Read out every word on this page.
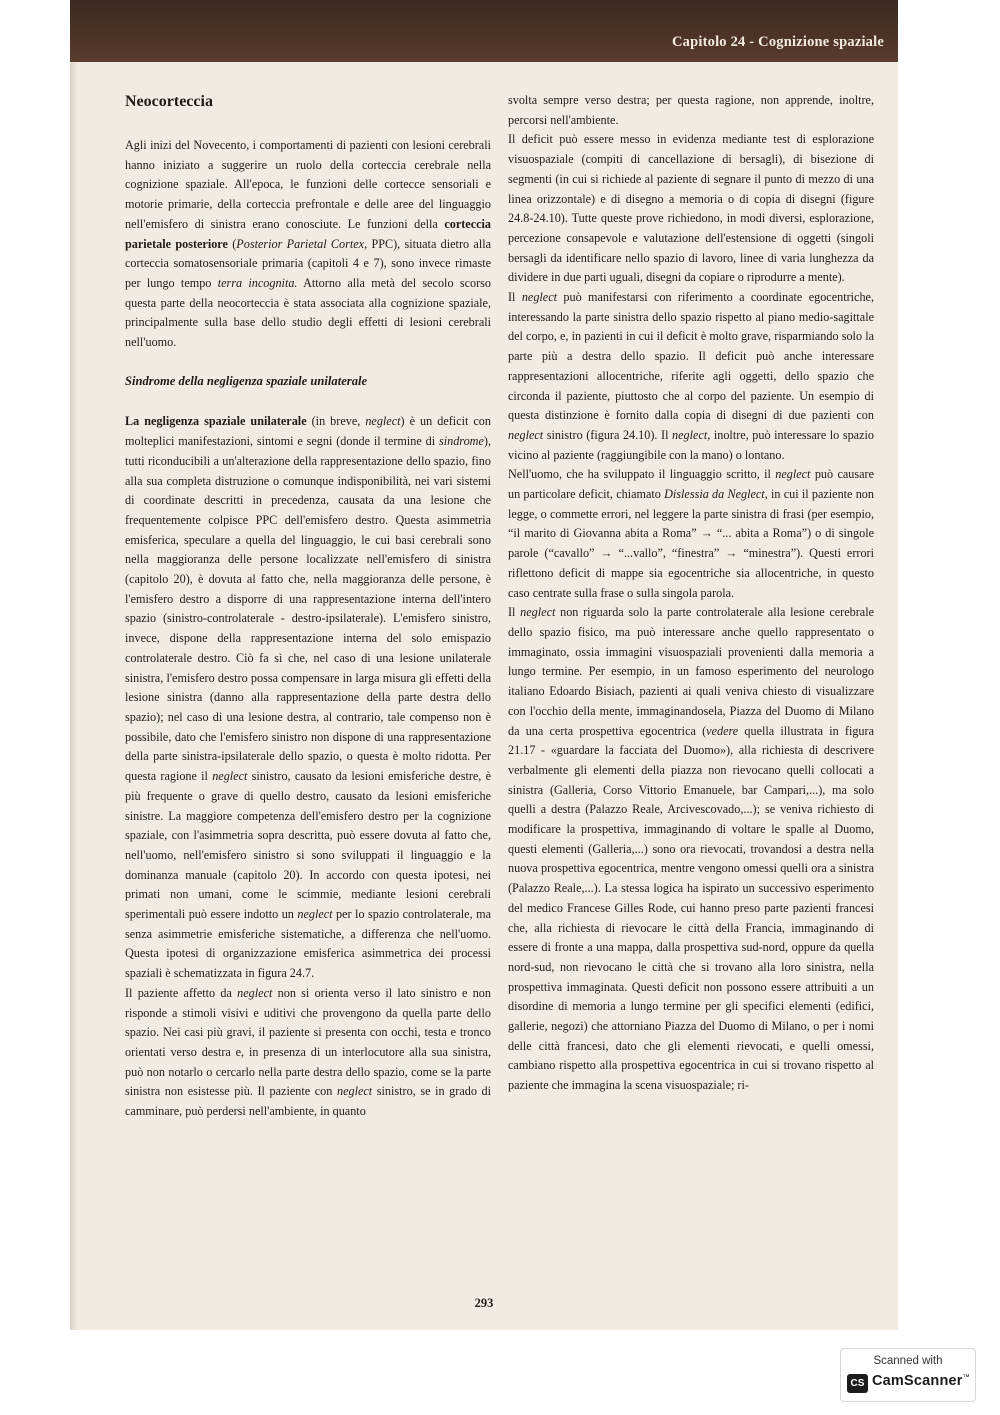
Capitolo 24 - Cognizione spaziale

Neocorteccia

Agli inizi del Novecento, i comportamenti di pazienti con lesioni cerebrali hanno iniziato a suggerire un ruolo della corteccia cerebrale nella cognizione spaziale. All'epoca, le funzioni delle cortecce sensoriali e motorie primarie, della corteccia prefrontale e delle aree del linguaggio nell'emisfero di sinistra erano conosciute. Le funzioni della corteccia parietale posteriore (Posterior Parietal Cortex, PPC), situata dietro alla corteccia somatosensoriale primaria (capitoli 4 e 7), sono invece rimaste per lungo tempo terra incognita. Attorno alla metà del secolo scorso questa parte della neocorteccia è stata associata alla cognizione spaziale, principalmente sulla base dello studio degli effetti di lesioni cerebrali nell'uomo.

Sindrome della negligenza spaziale unilaterale

La negligenza spaziale unilaterale (in breve, neglect) è un deficit con molteplici manifestazioni, sintomi e segni (donde il termine di sindrome), tutti riconducibili a un'alterazione della rappresentazione dello spazio, fino alla sua completa distruzione o comunque indisponibilità, nei vari sistemi di coordinate descritti in precedenza, causata da una lesione che frequentemente colpisce PPC dell'emisfero destro. Questa asimmetria emisferica, speculare a quella del linguaggio, le cui basi cerebrali sono nella maggioranza delle persone localizzate nell'emisfero di sinistra (capitolo 20), è dovuta al fatto che, nella maggioranza delle persone, è l'emisfero destro a disporre di una rappresentazione interna dell'intero spazio (sinistro-controlaterale - destro-ipsilaterale). L'emisfero sinistro, invece, dispone della rappresentazione interna del solo emispazio controlaterale destro. Ciò fa sì che, nel caso di una lesione unilaterale sinistra, l'emisfero destro possa compensare in larga misura gli effetti della lesione sinistra (danno alla rappresentazione della parte destra dello spazio); nel caso di una lesione destra, al contrario, tale compenso non è possibile, dato che l'emisfero sinistro non dispone di una rappresentazione della parte sinistra-ipsilaterale dello spazio, o questa è molto ridotta. Per questa ragione il neglect sinistro, causato da lesioni emisferiche destre, è più frequente o grave di quello destro, causato da lesioni emisferiche sinistre. La maggiore competenza dell'emisfero destro per la cognizione spaziale, con l'asimmetria sopra descritta, può essere dovuta al fatto che, nell'uomo, nell'emisfero sinistro si sono sviluppati il linguaggio e la dominanza manuale (capitolo 20). In accordo con questa ipotesi, nei primati non umani, come le scimmie, mediante lesioni cerebrali sperimentali può essere indotto un neglect per lo spazio controlaterale, ma senza asimmetrie emisferiche sistematiche, a differenza che nell'uomo. Questa ipotesi di organizzazione emisferica asimmetrica dei processi spaziali è schematizzata in figura 24.7.

Il paziente affetto da neglect non si orienta verso il lato sinistro e non risponde a stimoli visivi e uditivi che provengono da quella parte dello spazio. Nei casi più gravi, il paziente si presenta con occhi, testa e tronco orientati verso destra e, in presenza di un interlocutore alla sua sinistra, può non notarlo o cercarlo nella parte destra dello spazio, come se la parte sinistra non esistesse più. Il paziente con neglect sinistro, se in grado di camminare, può perdersi nell'ambiente, in quanto

svolta sempre verso destra; per questa ragione, non apprende, inoltre, percorsi nell'ambiente.

Il deficit può essere messo in evidenza mediante test di esplorazione visuospaziale (compiti di cancellazione di bersagli), di bisezione di segmenti (in cui si richiede al paziente di segnare il punto di mezzo di una linea orizzontale) e di disegno a memoria o di copia di disegni (figure 24.8-24.10). Tutte queste prove richiedono, in modi diversi, esplorazione, percezione consapevole e valutazione dell'estensione di oggetti (singoli bersagli da identificare nello spazio di lavoro, linee di varia lunghezza da dividere in due parti uguali, disegni da copiare o riprodurre a mente).

Il neglect può manifestarsi con riferimento a coordinate egocentriche, interessando la parte sinistra dello spazio rispetto al piano medio-sagittale del corpo, e, in pazienti in cui il deficit è molto grave, risparmiando solo la parte più a destra dello spazio. Il deficit può anche interessare rappresentazioni allocentriche, riferite agli oggetti, dello spazio che circonda il paziente, piuttosto che al corpo del paziente. Un esempio di questa distinzione è fornito dalla copia di disegni di due pazienti con neglect sinistro (figura 24.10). Il neglect, inoltre, può interessare lo spazio vicino al paziente (raggiungibile con la mano) o lontano.

Nell'uomo, che ha sviluppato il linguaggio scritto, il neglect può causare un particolare deficit, chiamato Dislessia da Neglect, in cui il paziente non legge, o commette errori, nel leggere la parte sinistra di frasi (per esempio, “il marito di Giovanna abita a Roma” → “... abita a Roma”) o di singole parole (“cavallo” → “...vallo”, “finestra” → “minestra”). Questi errori riflettono deficit di mappe sia egocentriche sia allocentriche, in questo caso centrate sulla frase o sulla singola parola.

Il neglect non riguarda solo la parte controlaterale alla lesione cerebrale dello spazio fisico, ma può interessare anche quello rappresentato o immaginato, ossia immagini visuospaziali provenienti dalla memoria a lungo termine. Per esempio, in un famoso esperimento del neurologo italiano Edoardo Bisiach, pazienti ai quali veniva chiesto di visualizzare con l'occhio della mente, immaginandosela, Piazza del Duomo di Milano da una certa prospettiva egocentrica (vedere quella illustrata in figura 21.17 - «guardare la facciata del Duomo»), alla richiesta di descrivere verbalmente gli elementi della piazza non rievocano quelli collocati a sinistra (Galleria, Corso Vittorio Emanuele, bar Campari,...), ma solo quelli a destra (Palazzo Reale, Arcivescovado,...); se veniva richiesto di modificare la prospettiva, immaginando di voltare le spalle al Duomo, questi elementi (Galleria,...) sono ora rievocati, trovandosi a destra nella nuova prospettiva egocentrica, mentre vengono omessi quelli ora a sinistra (Palazzo Reale,...). La stessa logica ha ispirato un successivo esperimento del medico Francese Gilles Rode, cui hanno preso parte pazienti francesi che, alla richiesta di rievocare le città della Francia, immaginando di essere di fronte a una mappa, dalla prospettiva sud-nord, oppure da quella nord-sud, non rievocano le città che si trovano alla loro sinistra, nella prospettiva immaginata. Questi deficit non possono essere attribuiti a un disordine di memoria a lungo termine per gli specifici elementi (edifici, gallerie, negozi) che attorniano Piazza del Duomo di Milano, o per i nomi delle città francesi, dato che gli elementi rievocati, e quelli omessi, cambiano rispetto alla prospettiva egocentrica in cui si trovano rispetto al paziente che immagina la scena visuospaziale; ri-

293
Scanned with
CS CamScanner™
